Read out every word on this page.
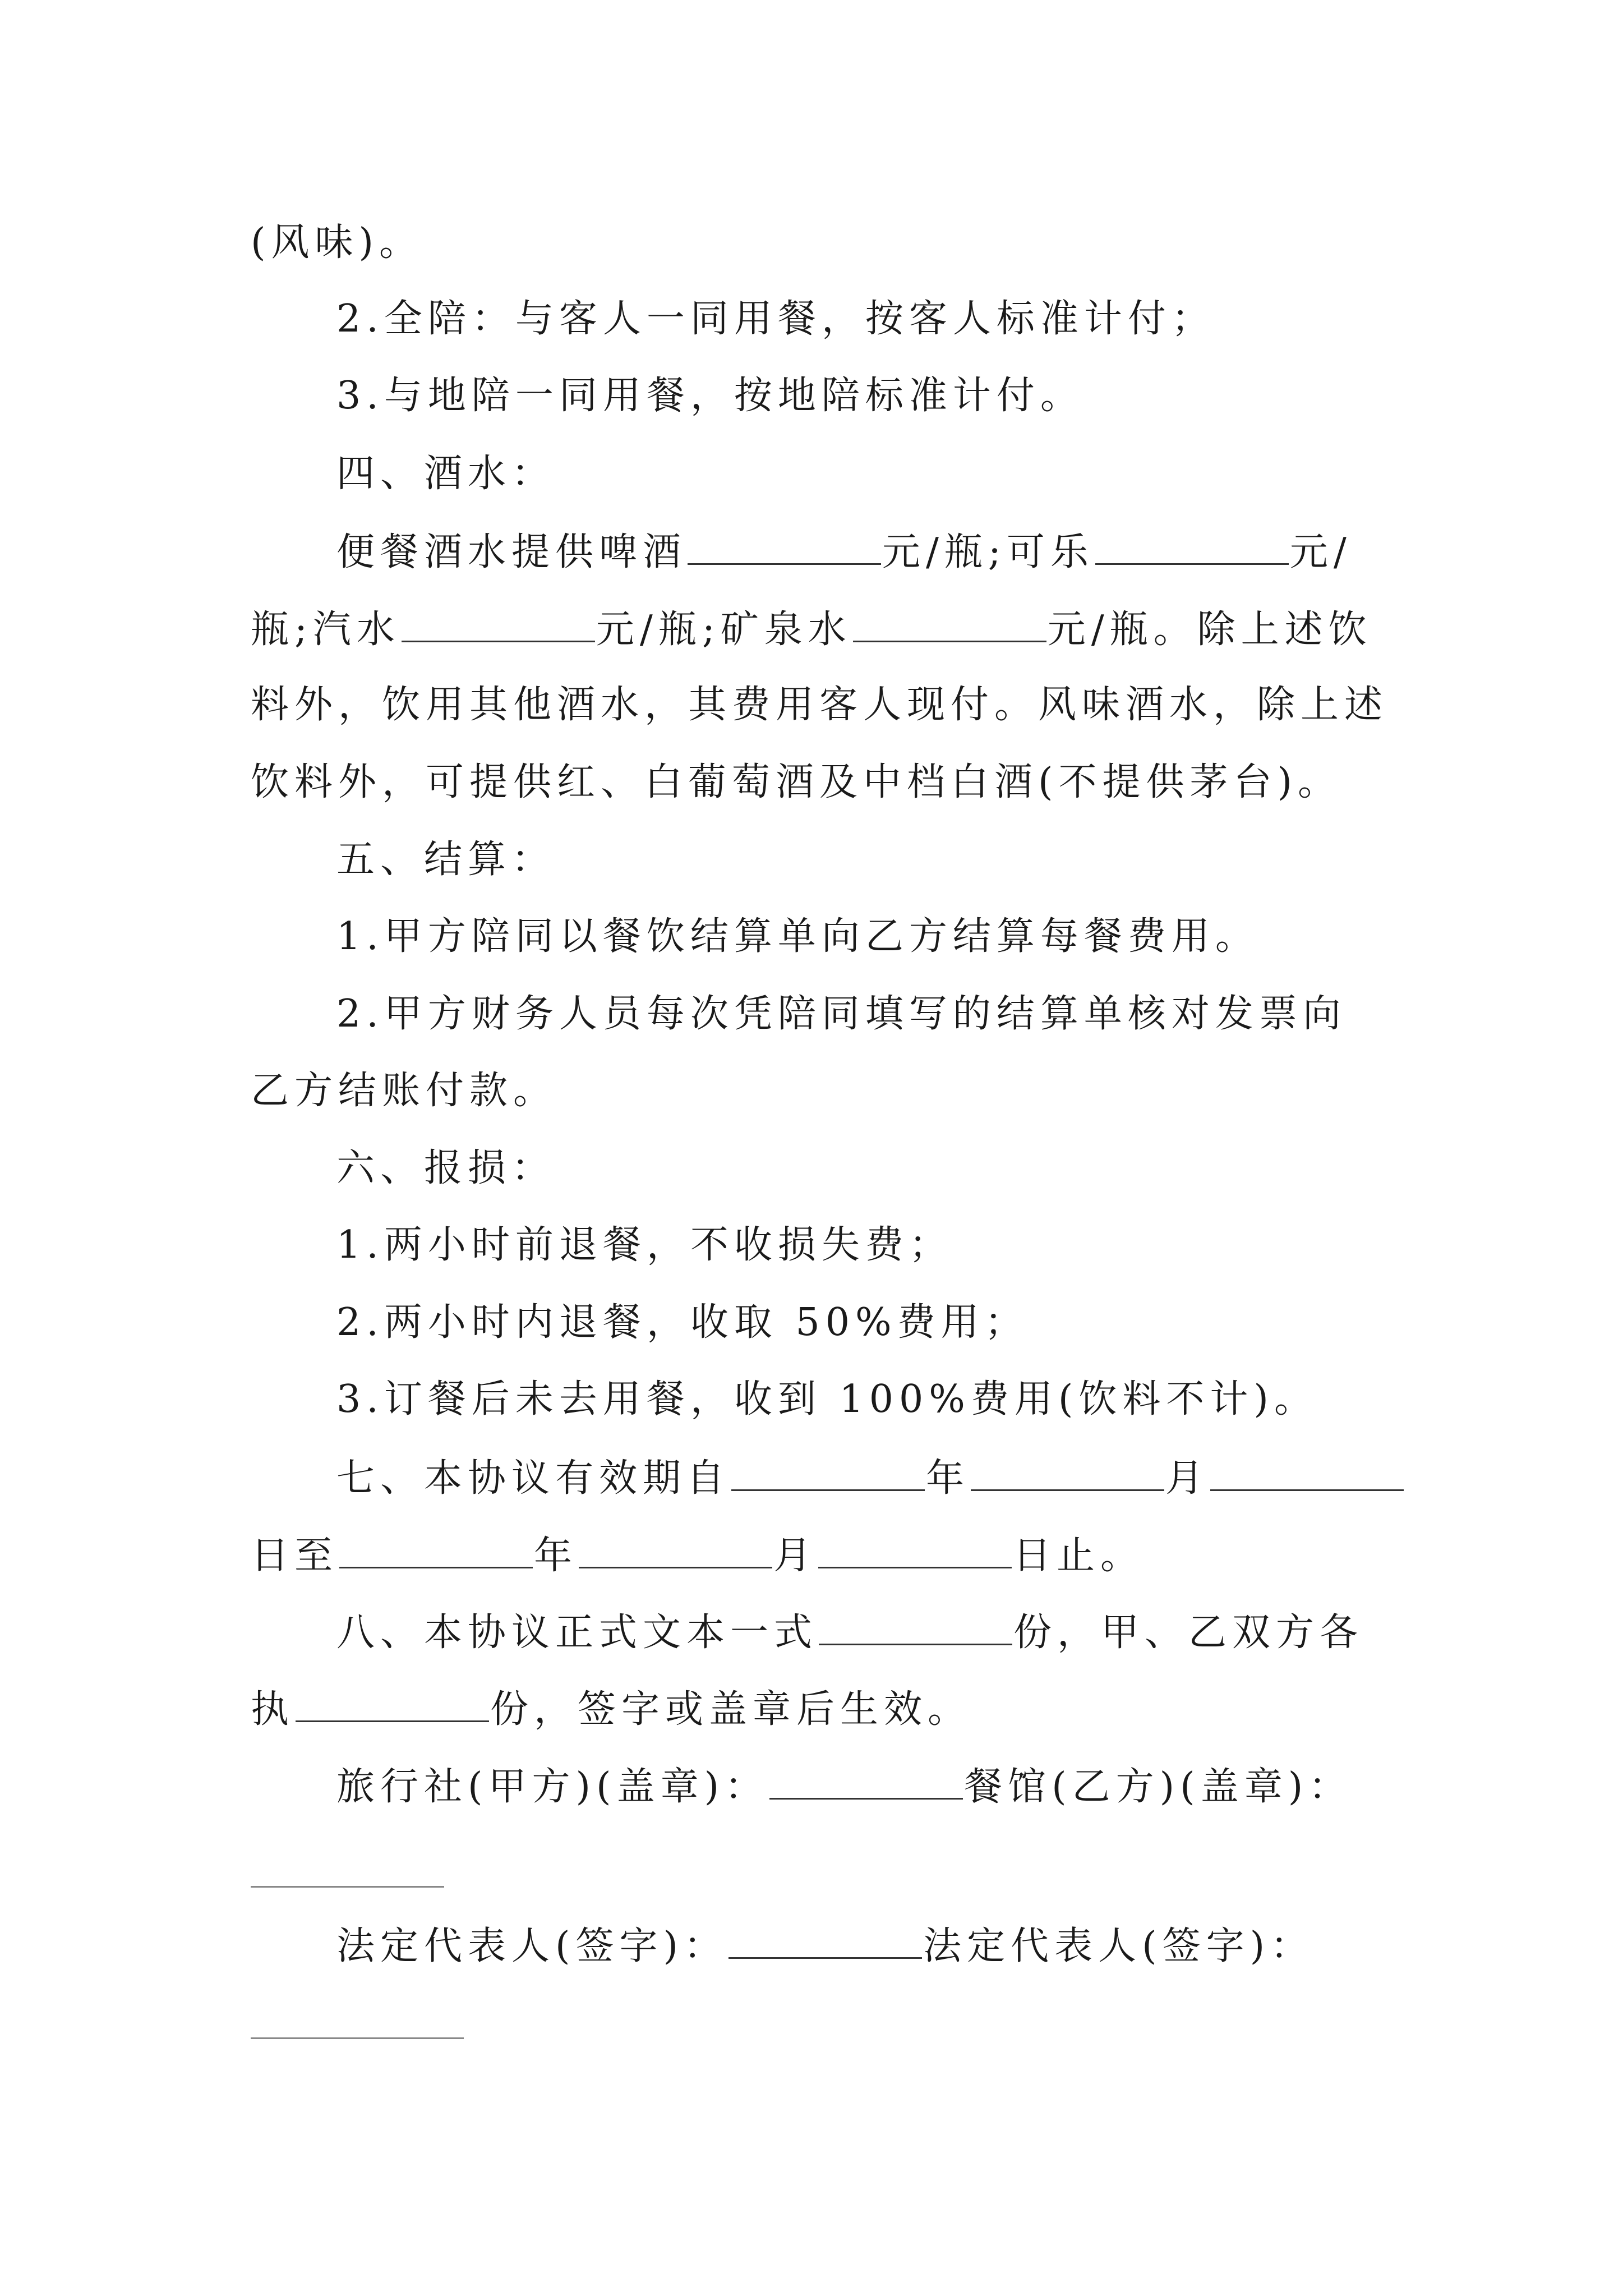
(风味)。
2.全陪：与客人一同用餐，按客人标准计付；
3.与地陪一同用餐，按地陪标准计付。
四、酒水：
便餐酒水提供啤酒	元/瓶;可乐	元/
瓶;汽水	元/瓶;矿泉水	元/瓶。除上述饮
料外，饮用其他酒水，其费用客人现付。风味酒水，除上述
饮料外，可提供红、白葡萄酒及中档白酒(不提供茅台)。
五、结算：
1.甲方陪同以餐饮结算单向乙方结算每餐费用。
2.甲方财务人员每次凭陪同填写的结算单核对发票向
乙方结账付款。
六、报损：
1.两小时前退餐，不收损失费；
2.两小时内退餐，收取 50%费用；
3.订餐后未去用餐，收到 100%费用(饮料不计)。
七、本协议有效期自	年	月
日至	年	月	日止。
八、本协议正式文本一式	份，甲、乙双方各
执	份，签字或盖章后生效。
旅行社(甲方)(盖章)：	餐馆(乙方)(盖章)：
法定代表人(签字)：	法定代表人(签字)：
